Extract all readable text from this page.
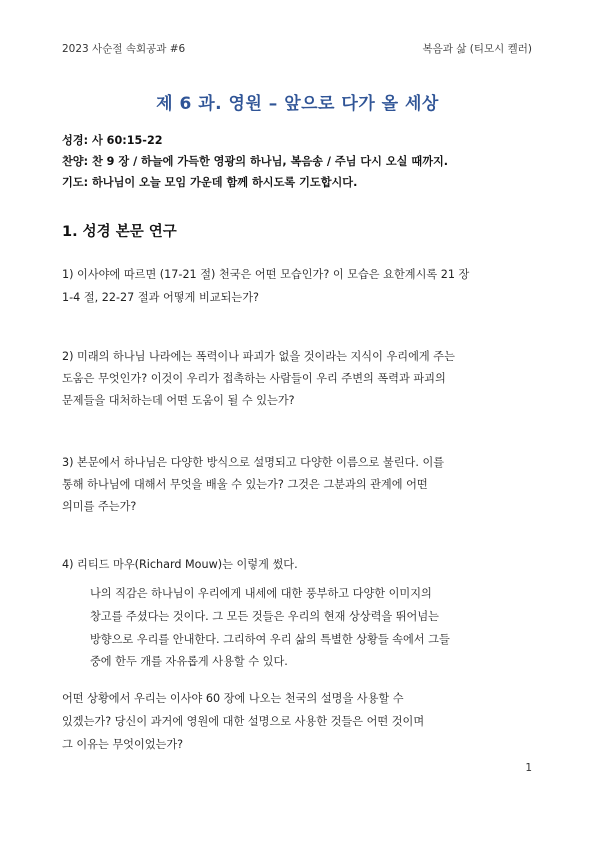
2023 사순절 속회공과 #6	복음과 삶 (티모시 켈러)
제 6 과. 영원 – 앞으로 다가 올 세상
성경: 사 60:15-22
찬양: 찬 9 장 / 하늘에 가득한 영광의 하나님, 복음송 / 주님 다시 오실 때까지.
기도: 하나님이 오늘 모임 가운데 함께 하시도록 기도합시다.
1. 성경 본문 연구
1) 이사야에 따르면 (17-21 절) 천국은 어떤 모습인가? 이 모습은 요한계시록 21 장
1-4 절, 22-27 절과 어떻게 비교되는가?
2) 미래의 하나님 나라에는 폭력이나 파괴가 없을 것이라는 지식이 우리에게 주는
도움은 무엇인가? 이것이 우리가 접촉하는 사람들이 우리 주변의 폭력과 파괴의
문제들을 대처하는데 어떤 도움이 될 수 있는가?
3) 본문에서 하나님은 다양한 방식으로 설명되고 다양한 이름으로 불린다. 이를
통해 하나님에 대해서 무엇을 배울 수 있는가? 그것은 그분과의 관계에 어떤
의미를 주는가?
4) 리티드 마우(Richard Mouw)는 이렇게 썼다.
나의 직감은 하나님이 우리에게 내세에 대한 풍부하고 다양한 이미지의
창고를 주셨다는 것이다. 그 모든 것들은 우리의 현재 상상력을 뛰어넘는
방향으로 우리를 안내한다. 그리하여 우리 삶의 특별한 상황들 속에서 그들
중에 한두 개를 자유롭게 사용할 수 있다.
어떤 상황에서 우리는 이사야 60 장에 나오는 천국의 설명을 사용할 수
있겠는가? 당신이 과거에 영원에 대한 설명으로 사용한 것들은 어떤 것이며
그 이유는 무엇이었는가?
1
